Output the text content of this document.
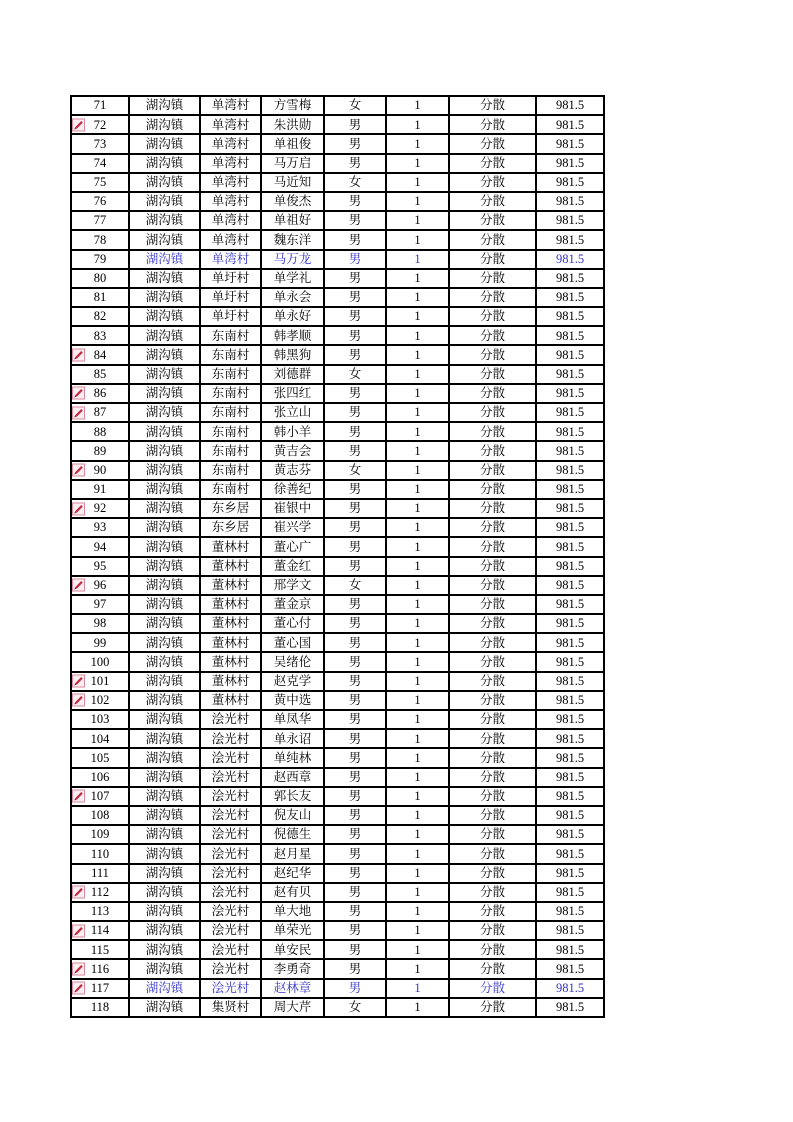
71	湖沟镇	单湾村	方雪梅	女	1	分散	981.5

72	湖沟镇	单湾村	朱洪勋	男	1	分散	981.5
73	湖沟镇	单湾村	单祖俊	男	1	分散	981.5
74	湖沟镇	单湾村	马万启	男	1	分散	981.5
75	湖沟镇	单湾村	马近知	女	1	分散	981.5
76	湖沟镇	单湾村	单俊杰	男	1	分散	981.5
77	湖沟镇	单湾村	单祖好	男	1	分散	981.5
78	湖沟镇	单湾村	魏东洋	男	1	分散	981.5
79	湖沟镇	单湾村	马万龙	男	1	分散	981.5
80	湖沟镇	单圩村	单学礼	男	1	分散	981.5
81	湖沟镇	单圩村	单永会	男	1	分散	981.5
82	湖沟镇	单圩村	单永好	男	1	分散	981.5
83	湖沟镇	东南村	韩孝顺	男	1	分散	981.5

84	湖沟镇	东南村	韩黑狗	男	1	分散	981.5
85	湖沟镇	东南村	刘德群	女	1	分散	981.5

86	湖沟镇	东南村	张四红	男	1	分散	981.5

87	湖沟镇	东南村	张立山	男	1	分散	981.5
88	湖沟镇	东南村	韩小羊	男	1	分散	981.5
89	湖沟镇	东南村	黄吉会	男	1	分散	981.5

90	湖沟镇	东南村	黄志芬	女	1	分散	981.5
91	湖沟镇	东南村	徐善纪	男	1	分散	981.5

92	湖沟镇	东乡居	崔银中	男	1	分散	981.5
93	湖沟镇	东乡居	崔兴学	男	1	分散	981.5
94	湖沟镇	董林村	董心广	男	1	分散	981.5
95	湖沟镇	董林村	董金红	男	1	分散	981.5

96	湖沟镇	董林村	邢学文	女	1	分散	981.5
97	湖沟镇	董林村	董金京	男	1	分散	981.5
98	湖沟镇	董林村	董心付	男	1	分散	981.5
99	湖沟镇	董林村	董心国	男	1	分散	981.5
100	湖沟镇	董林村	吴绪伦	男	1	分散	981.5

101	湖沟镇	董林村	赵克学	男	1	分散	981.5

102	湖沟镇	董林村	黄中选	男	1	分散	981.5
103	湖沟镇	浍光村	单凤华	男	1	分散	981.5
104	湖沟镇	浍光村	单永诏	男	1	分散	981.5
105	湖沟镇	浍光村	单纯林	男	1	分散	981.5
106	湖沟镇	浍光村	赵西章	男	1	分散	981.5

107	湖沟镇	浍光村	郭长友	男	1	分散	981.5
108	湖沟镇	浍光村	倪友山	男	1	分散	981.5
109	湖沟镇	浍光村	倪德生	男	1	分散	981.5
110	湖沟镇	浍光村	赵月星	男	1	分散	981.5
111	湖沟镇	浍光村	赵纪华	男	1	分散	981.5

112	湖沟镇	浍光村	赵有贝	男	1	分散	981.5
113	湖沟镇	浍光村	单大地	男	1	分散	981.5

114	湖沟镇	浍光村	单荣光	男	1	分散	981.5
115	湖沟镇	浍光村	单安民	男	1	分散	981.5

116	湖沟镇	浍光村	李勇奇	男	1	分散	981.5

117	湖沟镇	浍光村	赵林章	男	1	分散	981.5
118	湖沟镇	集贤村	周大芹	女	1	分散	981.5
